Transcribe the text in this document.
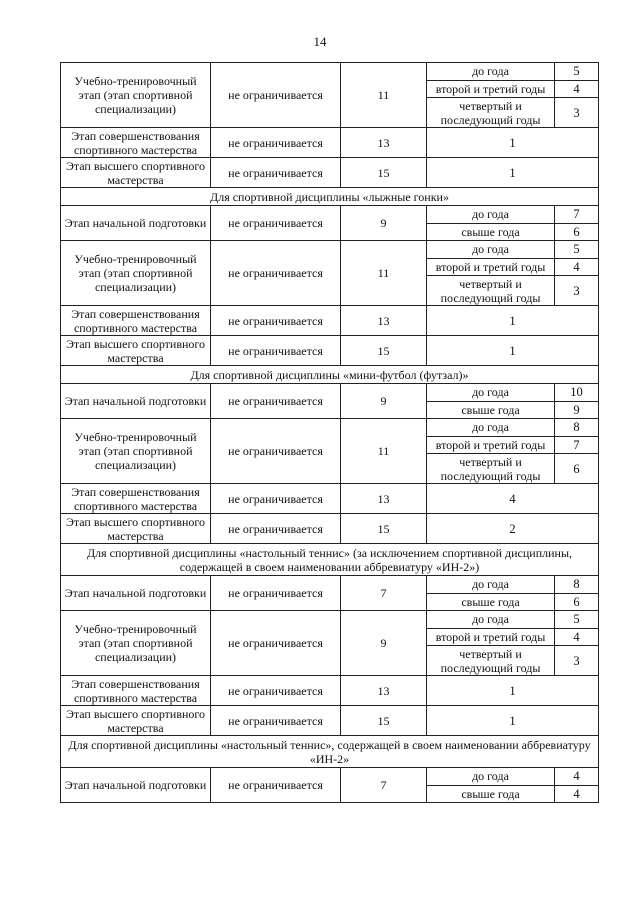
14
Учебно-тренировочный этап (этап спортивной специализации)	не ограничивается	11	до года	5
			второй и третий годы	4
			четвертый и последующий годы	3
Этап совершенствования спортивного мастерства	не ограничивается	13	1	
Этап высшего спортивного мастерства	не ограничивается	15	1	
Для спортивной дисциплины «лыжные гонки»				
Этап начальной подготовки	не ограничивается	9	до года	7
			свыше года	6
Учебно-тренировочный этап (этап спортивной специализации)	не ограничивается	11	до года	5
			второй и третий годы	4
			четвертый и последующий годы	3
Этап совершенствования спортивного мастерства	не ограничивается	13	1	
Этап высшего спортивного мастерства	не ограничивается	15	1	
Для спортивной дисциплины «мини-футбол (футзал)»				
Этап начальной подготовки	не ограничивается	9	до года	10
			свыше года	9
Учебно-тренировочный этап (этап спортивной специализации)	не ограничивается	11	до года	8
			второй и третий годы	7
			четвертый и последующий годы	6
Этап совершенствования спортивного мастерства	не ограничивается	13	4	
Этап высшего спортивного мастерства	не ограничивается	15	2	
Для спортивной дисциплины «настольный теннис» (за исключением спортивной дисциплины, содержащей в своем наименовании аббревиатуру «ИН-2»)				
Этап начальной подготовки	не ограничивается	7	до года	8
			свыше года	6
Учебно-тренировочный этап (этап спортивной специализации)	не ограничивается	9	до года	5
			второй и третий годы	4
			четвертый и последующий годы	3
Этап совершенствования спортивного мастерства	не ограничивается	13	1	
Этап высшего спортивного мастерства	не ограничивается	15	1	
Для спортивной дисциплины «настольный теннис», содержащей в своем наименовании аббревиатуру «ИН-2»				
Этап начальной подготовки	не ограничивается	7	до года	4
			свыше года	4
